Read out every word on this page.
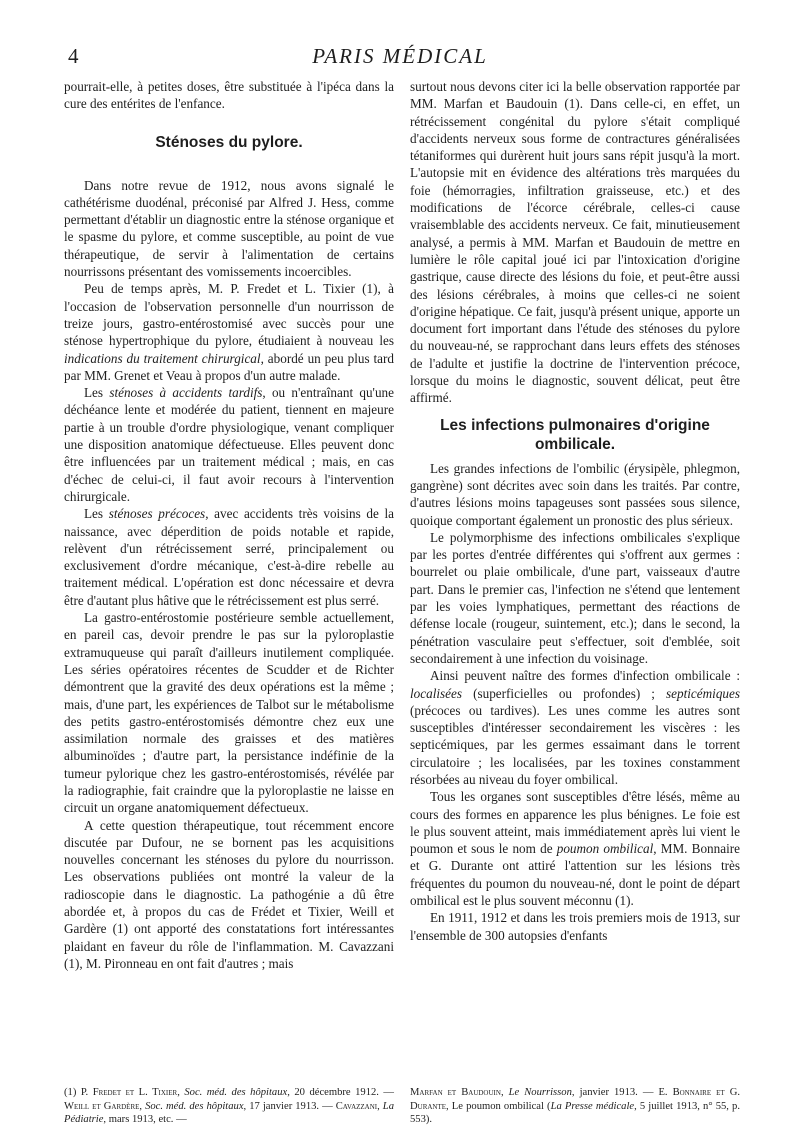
4	PARIS MÉDICAL

pourrait-elle, à petites doses, être substituée à l'ipéca dans la cure des entérites de l'enfance.

Sténoses du pylore.

Dans notre revue de 1912, nous avons signalé le cathétérisme duodénal, préconisé par Alfred J. Hess, comme permettant d'établir un diagnostic entre la sténose organique et le spasme du pylore, et comme susceptible, au point de vue thérapeutique, de servir à l'alimentation de certains nourrissons présentant des vomissements incoercibles.

Peu de temps après, M. P. Fredet et L. Tixier (1), à l'occasion de l'observation personnelle d'un nourrisson de treize jours, gastro-entérostomisé avec succès pour une sténose hypertrophique du pylore, étudiaient à nouveau les indications du traitement chirurgical, abordé un peu plus tard par MM. Grenet et Veau à propos d'un autre malade.

Les sténoses à accidents tardifs, ou n'entraînant qu'une déchéance lente et modérée du patient, tiennent en majeure partie à un trouble d'ordre physiologique, venant compliquer une disposition anatomique défectueuse. Elles peuvent donc être influencées par un traitement médical ; mais, en cas d'échec de celui-ci, il faut avoir recours à l'intervention chirurgicale.

Les sténoses précoces, avec accidents très voisins de la naissance, avec déperdition de poids notable et rapide, relèvent d'un rétrécissement serré, principalement ou exclusivement d'ordre mécanique, c'est-à-dire rebelle au traitement médical. L'opération est donc nécessaire et devra être d'autant plus hâtive que le rétrécissement est plus serré.

La gastro-entérostomie postérieure semble actuellement, en pareil cas, devoir prendre le pas sur la pyloroplastie extramuqueuse qui paraît d'ailleurs inutilement compliquée. Les séries opératoires récentes de Scudder et de Richter démontrent que la gravité des deux opérations est la même ; mais, d'une part, les expériences de Talbot sur le métabolisme des petits gastro-entérostomisés démontre chez eux une assimilation normale des graisses et des matières albuminoïdes ; d'autre part, la persistance indéfinie de la tumeur pylorique chez les gastro-entérostomisés, révélée par la radiographie, fait craindre que la pyloroplastie ne laisse en circuit un organe anatomiquement défectueux.

A cette question thérapeutique, tout récemment encore discutée par Dufour, ne se bornent pas les acquisitions nouvelles concernant les sténoses du pylore du nourrisson. Les observations publiées ont montré la valeur de la radioscopie dans le diagnostic. La pathogénie a dû être abordée et, à propos du cas de Frédet et Tixier, Weill et Gardère (1) ont apporté des constatations fort intéressantes plaidant en faveur du rôle de l'inflammation. M. Cavazzani (1), M. Pironneau en ont fait d'autres ; mais

surtout nous devons citer ici la belle observation rapportée par MM. Marfan et Baudouin (1). Dans celle-ci, en effet, un rétrécissement congénital du pylore s'était compliqué d'accidents nerveux sous forme de contractures généralisées tétaniformes qui durèrent huit jours sans répit jusqu'à la mort. L'autopsie mit en évidence des altérations très marquées du foie (hémorragies, infiltration graisseuse, etc.) et des modifications de l'écorce cérébrale, celles-ci cause vraisemblable des accidents nerveux. Ce fait, minutieusement analysé, a permis à MM. Marfan et Baudouin de mettre en lumière le rôle capital joué ici par l'intoxication d'origine gastrique, cause directe des lésions du foie, et peut-être aussi des lésions cérébrales, à moins que celles-ci ne soient d'origine hépatique. Ce fait, jusqu'à présent unique, apporte un document fort important dans l'étude des sténoses du pylore du nouveau-né, se rapprochant dans leurs effets des sténoses de l'adulte et justifie la doctrine de l'intervention précoce, lorsque du moins le diagnostic, souvent délicat, peut être affirmé.

Les infections pulmonaires d'origine ombilicale.

Les grandes infections de l'ombilic (érysipèle, phlegmon, gangrène) sont décrites avec soin dans les traités. Par contre, d'autres lésions moins tapageuses sont passées sous silence, quoique comportant également un pronostic des plus sérieux.

Le polymorphisme des infections ombilicales s'explique par les portes d'entrée différentes qui s'offrent aux germes : bourrelet ou plaie ombilicale, d'une part, vaisseaux d'autre part. Dans le premier cas, l'infection ne s'étend que lentement par les voies lymphatiques, permettant des réactions de défense locale (rougeur, suintement, etc.); dans le second, la pénétration vasculaire peut s'effectuer, soit d'emblée, soit secondairement à une infection du voisinage.

Ainsi peuvent naître des formes d'infection ombilicale : localisées (superficielles ou profondes) ; septicémiques (précoces ou tardives). Les unes comme les autres sont susceptibles d'intéresser secondairement les viscères : les septicémiques, par les germes essaimant dans le torrent circulatoire ; les localisées, par les toxines constamment résorbées au niveau du foyer ombilical.

Tous les organes sont susceptibles d'être lésés, même au cours des formes en apparence les plus bénignes. Le foie est le plus souvent atteint, mais immédiatement après lui vient le poumon et sous le nom de poumon ombilical, MM. Bonnaire et G. Durante ont attiré l'attention sur les lésions très fréquentes du poumon du nouveau-né, dont le point de départ ombilical est le plus souvent méconnu (1).

En 1911, 1912 et dans les trois premiers mois de 1913, sur l'ensemble de 300 autopsies d'enfants

(1) P. Fredet et L. Tixier, Soc. méd. des hôpitaux, 20 décembre 1912. — Weill et Gardère, Soc. méd. des hôpitaux, 17 janvier 1913. — Cavazzani, La Pédiatrie, mars 1913, etc. —

Marfan et Baudouin, Le Nourrisson, janvier 1913. — E. Bonnaire et G. Durante, Le poumon ombilical (La Presse médicale, 5 juillet 1913, n° 55, p. 553).
